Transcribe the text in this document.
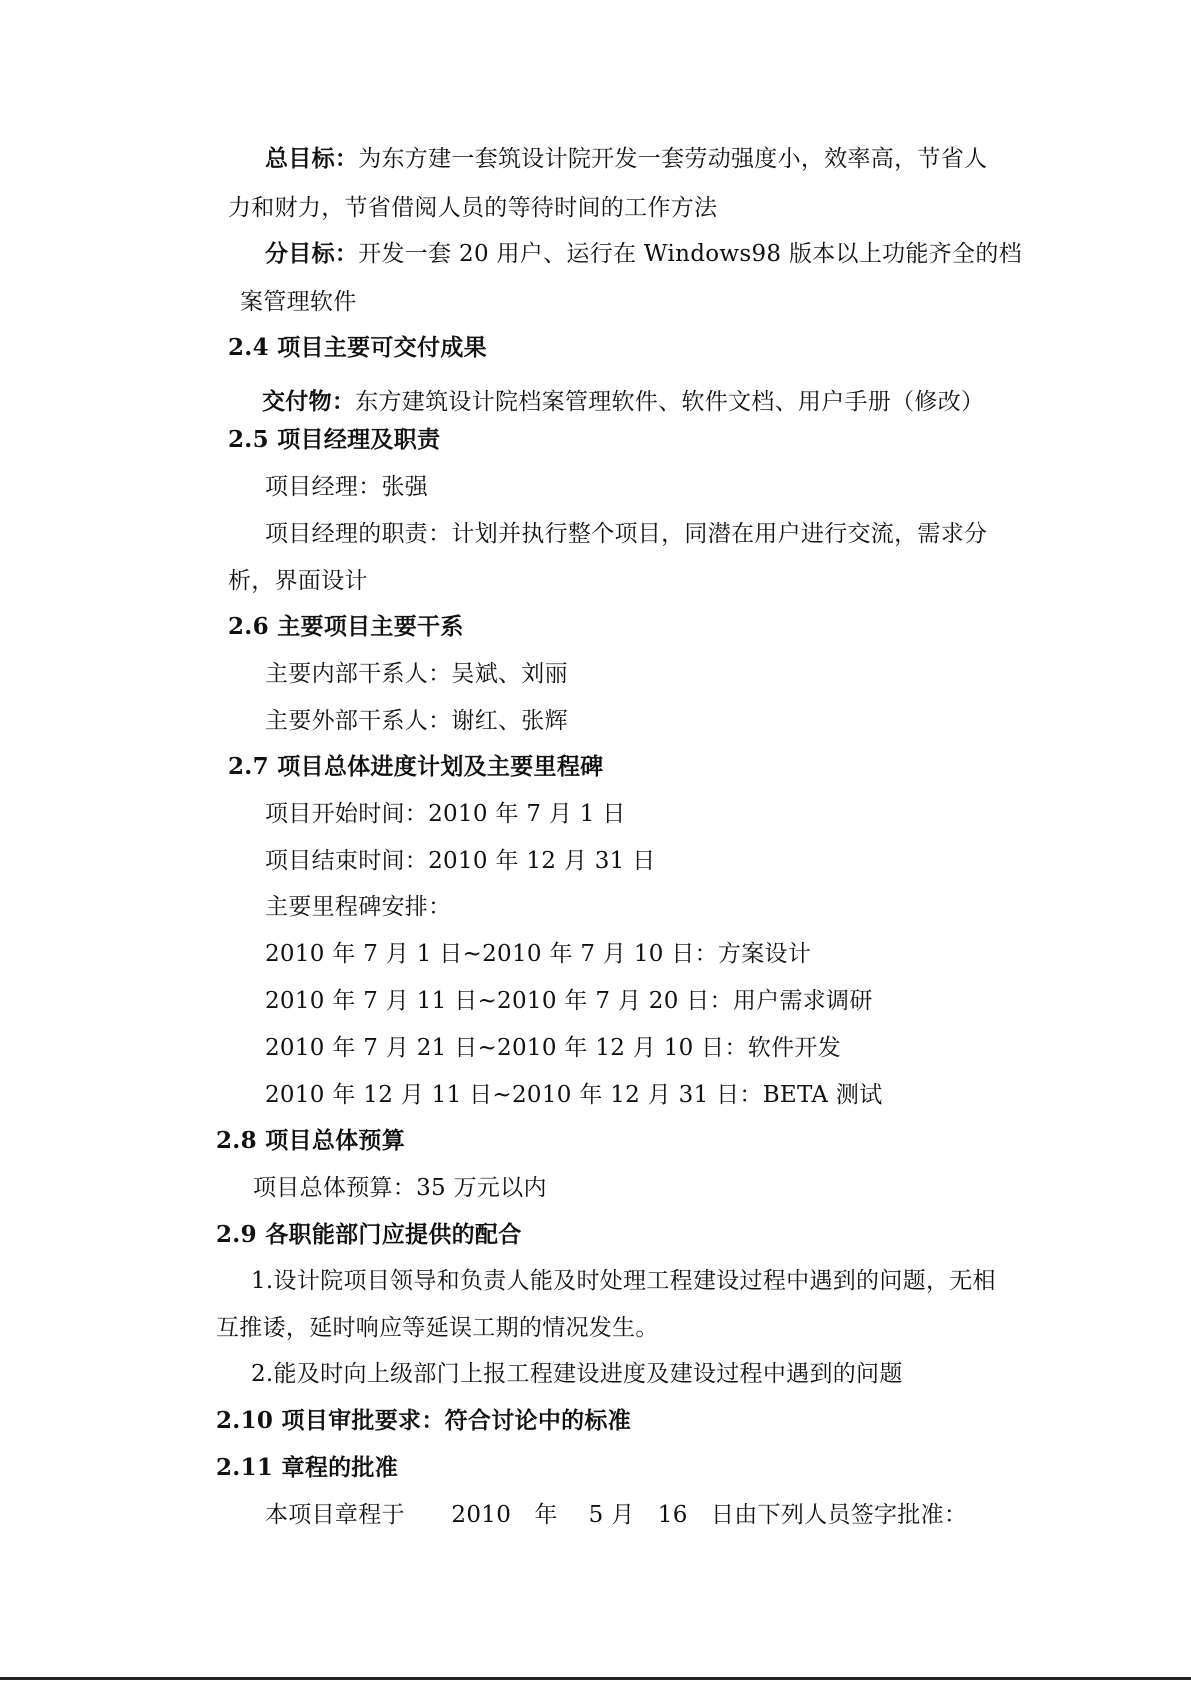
总目标：为东方建一套筑设计院开发一套劳动强度小，效率高，节省人
力和财力，节省借阅人员的等待时间的工作方法
分目标：开发一套 20 用户、运行在 Windows98 版本以上功能齐全的档
案管理软件
2.4 项目主要可交付成果
交付物：东方建筑设计院档案管理软件、软件文档、用户手册（修改）
2.5 项目经理及职责
项目经理：张强
项目经理的职责：计划并执行整个项目，同潜在用户进行交流，需求分
析，界面设计
2.6 主要项目主要干系
主要内部干系人：吴斌、刘丽
主要外部干系人：谢红、张辉
2.7 项目总体进度计划及主要里程碑
项目开始时间：2010 年 7 月 1 日
项目结束时间：2010 年 12 月 31 日
主要里程碑安排：
2010 年 7 月 1 日~2010 年 7 月 10 日：方案设计
2010 年 7 月 11 日~2010 年 7 月 20 日：用户需求调研
2010 年 7 月 21 日~2010 年 12 月 10 日：软件开发
2010 年 12 月 11 日~2010 年 12 月 31 日：BETA 测试
2.8 项目总体预算
项目总体预算：35 万元以内
2.9 各职能部门应提供的配合
1.设计院项目领导和负责人能及时处理工程建设过程中遇到的问题，无相
互推诿，延时响应等延误工期的情况发生。
2.能及时向上级部门上报工程建设进度及建设过程中遇到的问题
2.10 项目审批要求：符合讨论中的标准
2.11 章程的批准
本项目章程于　　2010　年　 5 月　16　日由下列人员签字批准：
